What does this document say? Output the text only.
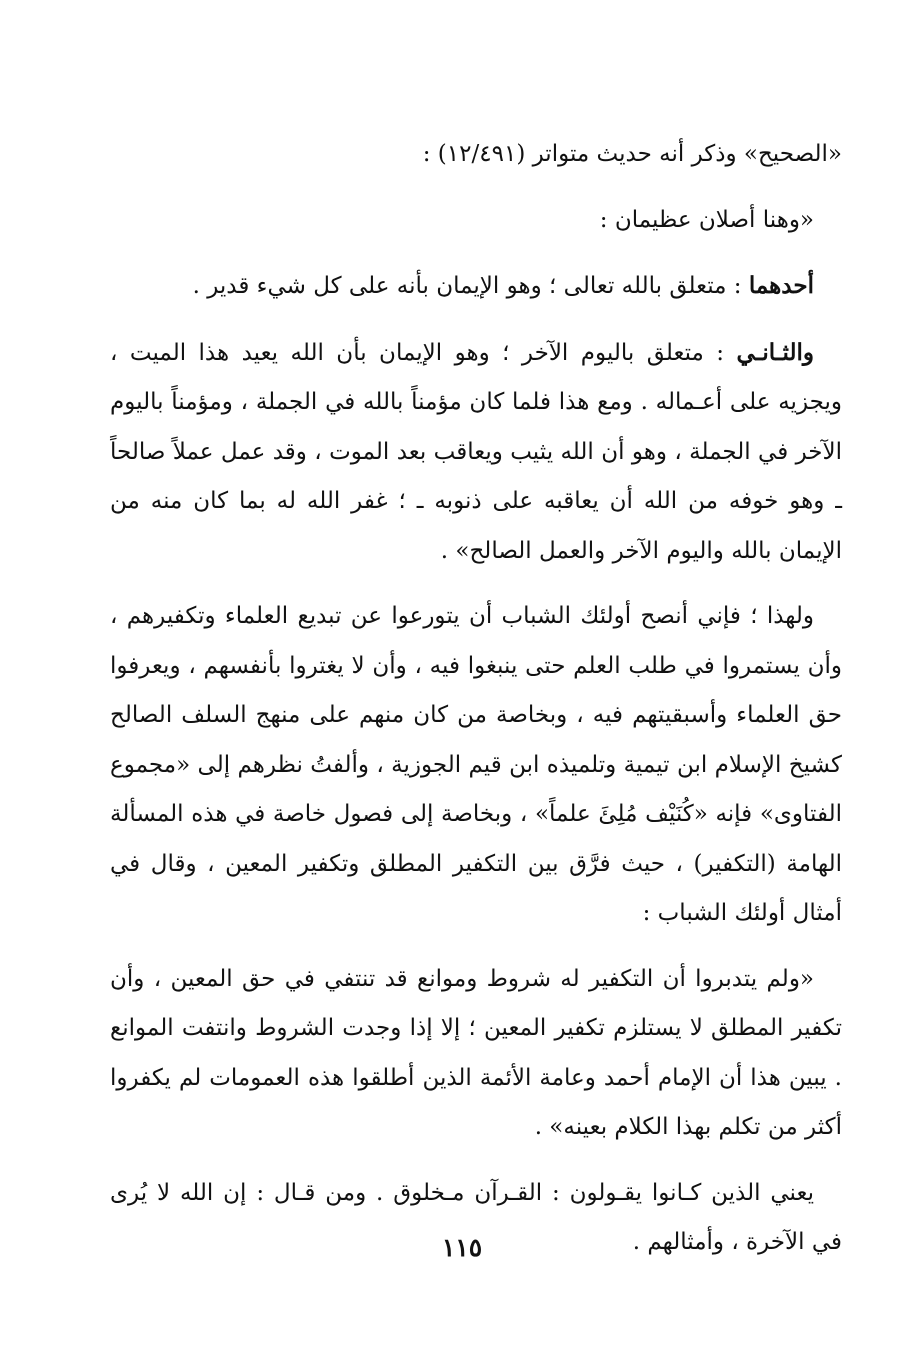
«الصحيح» وذكر أنه حديث متواتر (١٢/٤٩١) :

«وهنا أصلان عظيمان :

أحدهما : متعلق بالله تعالى ؛ وهو الإيمان بأنه على كل شيء قدير .

والثـانـي : متعلق باليوم الآخر ؛ وهو الإيمان بأن الله يعيد هذا الميت ، ويجزيه على أعـماله . ومع هذا فلما كان مؤمناً بالله في الجملة ، ومؤمناً باليوم الآخر في الجملة ، وهو أن الله يثيب ويعاقب بعد الموت ، وقد عمل عملاً صالحاً ـ وهو خوفه من الله أن يعاقبه على ذنوبه ـ ؛ غفر الله له بما كان منه من الإيمان بالله واليوم الآخر والعمل الصالح» .

ولهذا ؛ فإني أنصح أولئك الشباب أن يتورعوا عن تبديع العلماء وتكفيرهم ، وأن يستمروا في طلب العلم حتى ينبغوا فيه ، وأن لا يغتروا بأنفسهم ، ويعرفوا حق العلماء وأسبقيتهم فيه ، وبخاصة من كان منهم على منهج السلف الصالح كشيخ الإسلام ابن تيمية وتلميذه ابن قيم الجوزية ، وألفتُ نظرهم إلى «مجموع الفتاوى» فإنه «كُنَيْف مُلِئَ علماً» ، وبخاصة إلى فصول خاصة في هذه المسألة الهامة (التكفير) ، حيث فرَّق بين التكفير المطلق وتكفير المعين ، وقال في أمثال أولئك الشباب :

«ولم يتدبروا أن التكفير له شروط وموانع قد تنتفي في حق المعين ، وأن تكفير المطلق لا يستلزم تكفير المعين ؛ إلا إذا وجدت الشروط وانتفت الموانع . يبين هذا أن الإمام أحمد وعامة الأئمة الذين أطلقوا هذه العمومات لم يكفروا أكثر من تكلم بهذا الكلام بعينه» .

يعني الذين كـانوا يقـولون : القـرآن مـخلوق . ومن قـال : إن الله لا يُرى في الآخرة ، وأمثالهم .

١١٥
